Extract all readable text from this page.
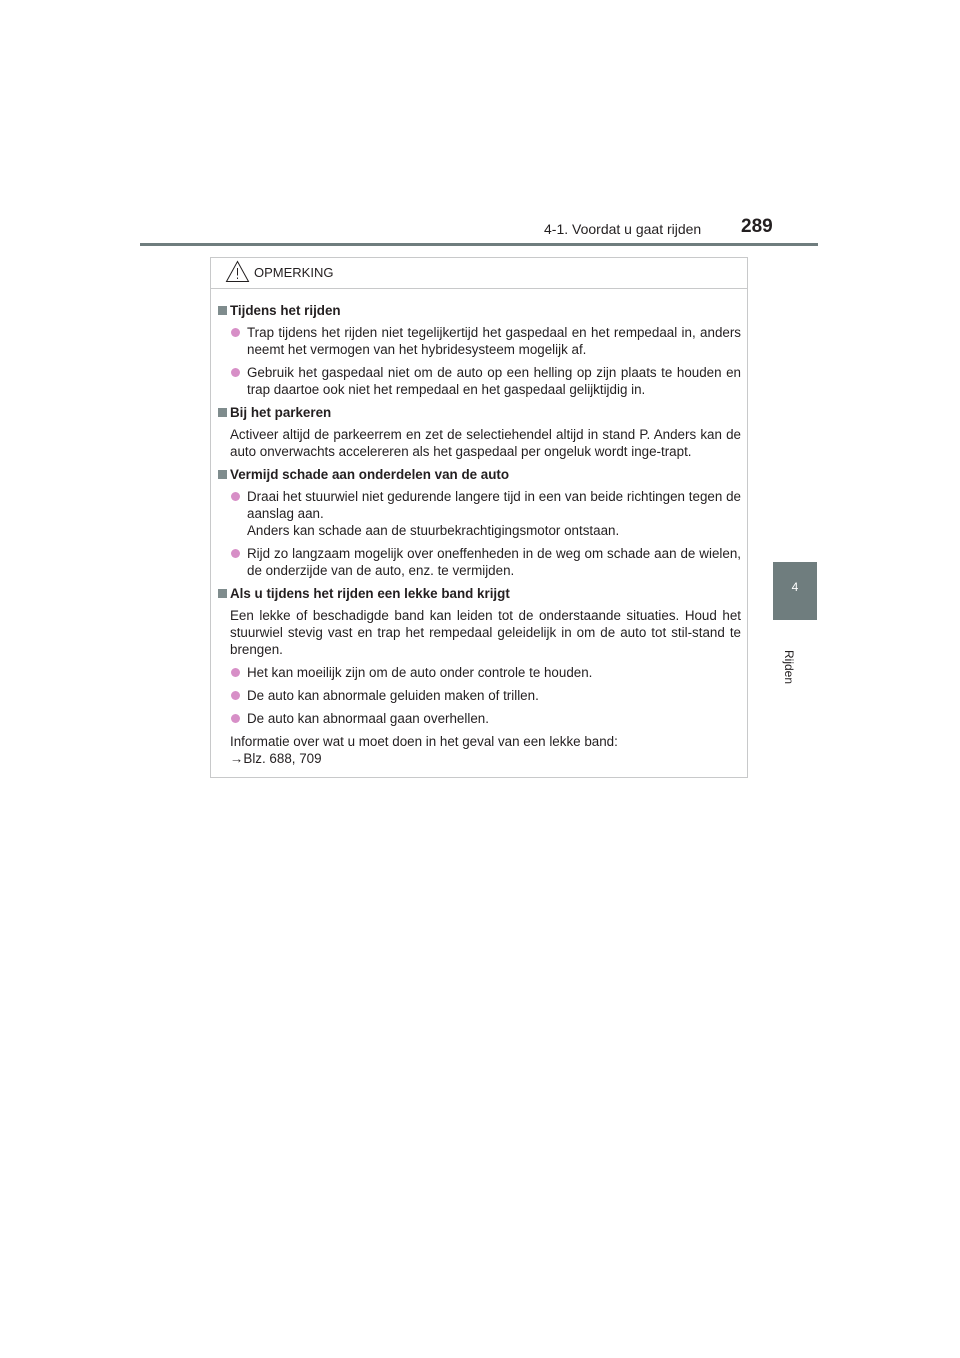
4-1. Voordat u gaat rijden 289
4
Rijden
OPMERKING
Tijdens het rijden
Trap tijdens het rijden niet tegelijkertijd het gaspedaal en het rempedaal in, anders neemt het vermogen van het hybridesysteem mogelijk af.
Gebruik het gaspedaal niet om de auto op een helling op zijn plaats te houden en trap daartoe ook niet het rempedaal en het gaspedaal gelijktijdig in.
Bij het parkeren
Activeer altijd de parkeerrem en zet de selectiehendel altijd in stand P. Anders kan de auto onverwachts accelereren als het gaspedaal per ongeluk wordt inge-trapt.
Vermijd schade aan onderdelen van de auto
Draai het stuurwiel niet gedurende langere tijd in een van beide richtingen tegen de aanslag aan.
Anders kan schade aan de stuurbekrachtigingsmotor ontstaan.
Rijd zo langzaam mogelijk over oneffenheden in de weg om schade aan de wielen, de onderzijde van de auto, enz. te vermijden.
Als u tijdens het rijden een lekke band krijgt
Een lekke of beschadigde band kan leiden tot de onderstaande situaties. Houd het stuurwiel stevig vast en trap het rempedaal geleidelijk in om de auto tot stil-stand te brengen.
Het kan moeilijk zijn om de auto onder controle te houden.
De auto kan abnormale geluiden maken of trillen.
De auto kan abnormaal gaan overhellen.
Informatie over wat u moet doen in het geval van een lekke band:
→Blz. 688, 709
